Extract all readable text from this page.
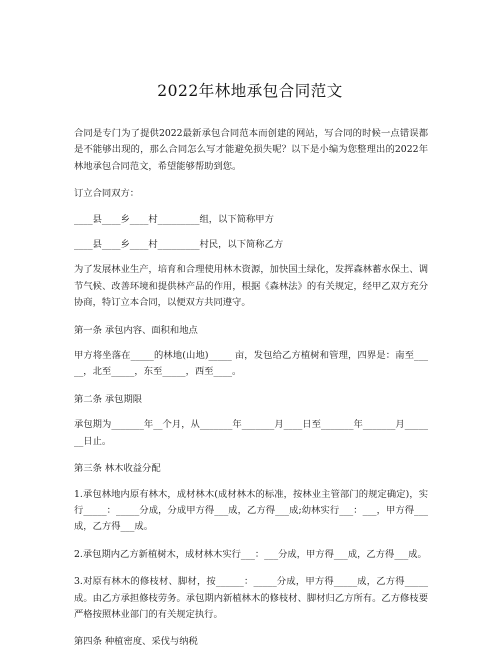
2022年林地承包合同范文

合同是专门为了提供2022最新承包合同范本而创建的网站，写合同的时候一点错误都是不能够出现的，那么合同怎么写才能避免损失呢？以下是小编为您整理出的2022年林地承包合同范文，希望能够帮助到您。

订立合同双方：

____县____乡____村_________组，以下简称甲方

____县____乡____村_________村民，以下简称乙方

为了发展林业生产，培育和合理使用林木资源，加快国土绿化，发挥森林蓄水保土、调节气候、改善环境和提供林产品的作用，根据《森林法》的有关规定，经甲乙双方充分协商，特订立本合同，以便双方共同遵守。

第一条 承包内容、面积和地点

甲方将坐落在_____的林地(山地)_____ 亩，发包给乙方植树和管理，四界是：南至_____，北至_____，东至_____，西至____。

第二条 承包期限

承包期为_______年__个月，从_______年_______月____日至_______年_______月_______日止。

第三条 林木收益分配

1.承包林地内原有林木，成材林木(成材林木的标准，按林业主管部门的规定确定)，实行_____：_____分成，分成甲方得___成，乙方得___成;幼林实行___：___，甲方得___成，乙方得___成。

2.承包期内乙方新植树木，成材林木实行___：___分成，甲方得___成，乙方得___成。

3.对原有林木的修枝材、脚材，按______：_____分成，甲方得_____成，乙方得_____成。由乙方承担修枝劳务。承包期内新植林木的修枝材、脚材归乙方所有。乙方修枝要严格按照林业部门的有关规定执行。

第四条 种植密度、采伐与纳税
